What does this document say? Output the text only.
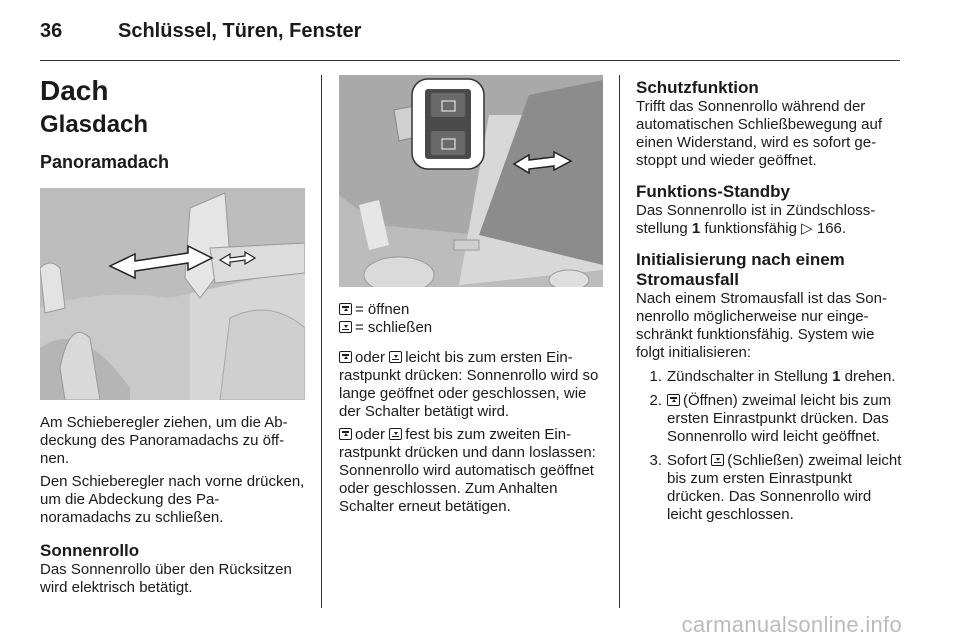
36	Schlüssel, Türen, Fenster
Dach
Glasdach
Panoramadach
Am Schieberegler ziehen, um die Abdeckung des Panoramadachs zu öffnen.
Den Schieberegler nach vorne drücken, um die Abdeckung des Panoramadachs zu schließen.
Sonnenrollo
Das Sonnenrollo über den Rücksitzen wird elektrisch betätigt.
= öffnen
= schließen
oder leicht bis zum ersten Einrastpunkt drücken: Sonnenrollo wird so lange geöffnet oder geschlossen, wie der Schalter betätigt wird.
oder fest bis zum zweiten Einrastpunkt drücken und dann loslassen: Sonnenrollo wird automatisch geöffnet oder geschlossen. Zum Anhalten Schalter erneut betätigen.
Schutzfunktion
Trifft das Sonnenrollo während der automatischen Schließbewegung auf einen Widerstand, wird es sofort gestoppt und wieder geöffnet.
Funktions-Standby
Das Sonnenrollo ist in Zündschlossstellung 1 funktionsfähig ▷ 166.
Initialisierung nach einem Stromausfall
Nach einem Stromausfall ist das Sonnenrollo möglicherweise nur eingeschränkt funktionsfähig. System wie folgt initialisieren:
1. Zündschalter in Stellung 1 drehen.
2.	(Öffnen) zweimal leicht bis zum ersten Einrastpunkt drücken. Das Sonnenrollo wird leicht geöffnet.
3. Sofort (Schließen) zweimal leicht bis zum ersten Einrastpunkt drücken. Das Sonnenrollo wird leicht geschlossen.
carmanualsonline.info
